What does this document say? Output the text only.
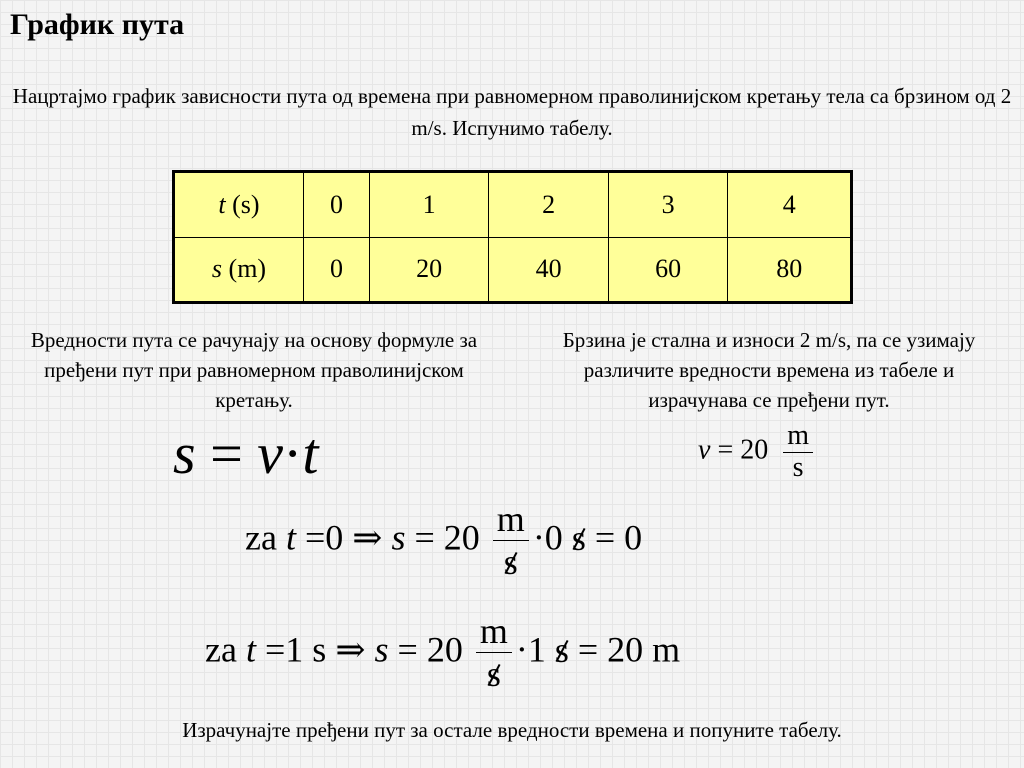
График пута
Нацртајмо график зависности пута од времена при равномерном праволинијском кретању тела са брзином од 2 m/s. Испунимо табелу.
t (s)	0	1	2	3	4
s (m)	0	20	40	60	80
Вредности пута се рачунају на основу формуле за пређени пут при равномерном праволинијском кретању.
Брзина је стална и износи 2 m/s, па се узимају различите вредности времена из табеле и израчунава се пређени пут.
s = v·t	$v = 20 \frac{m}{s}$
za t =0 ⇒ $s = 20 \frac{m}{s} \cdot 0$ s = 0
za t =1 s ⇒ $s = 20 \frac{m}{s} \cdot 1$ s = 20 m
Израчунајте пређени пут за остале вредности времена и попуните табелу.
